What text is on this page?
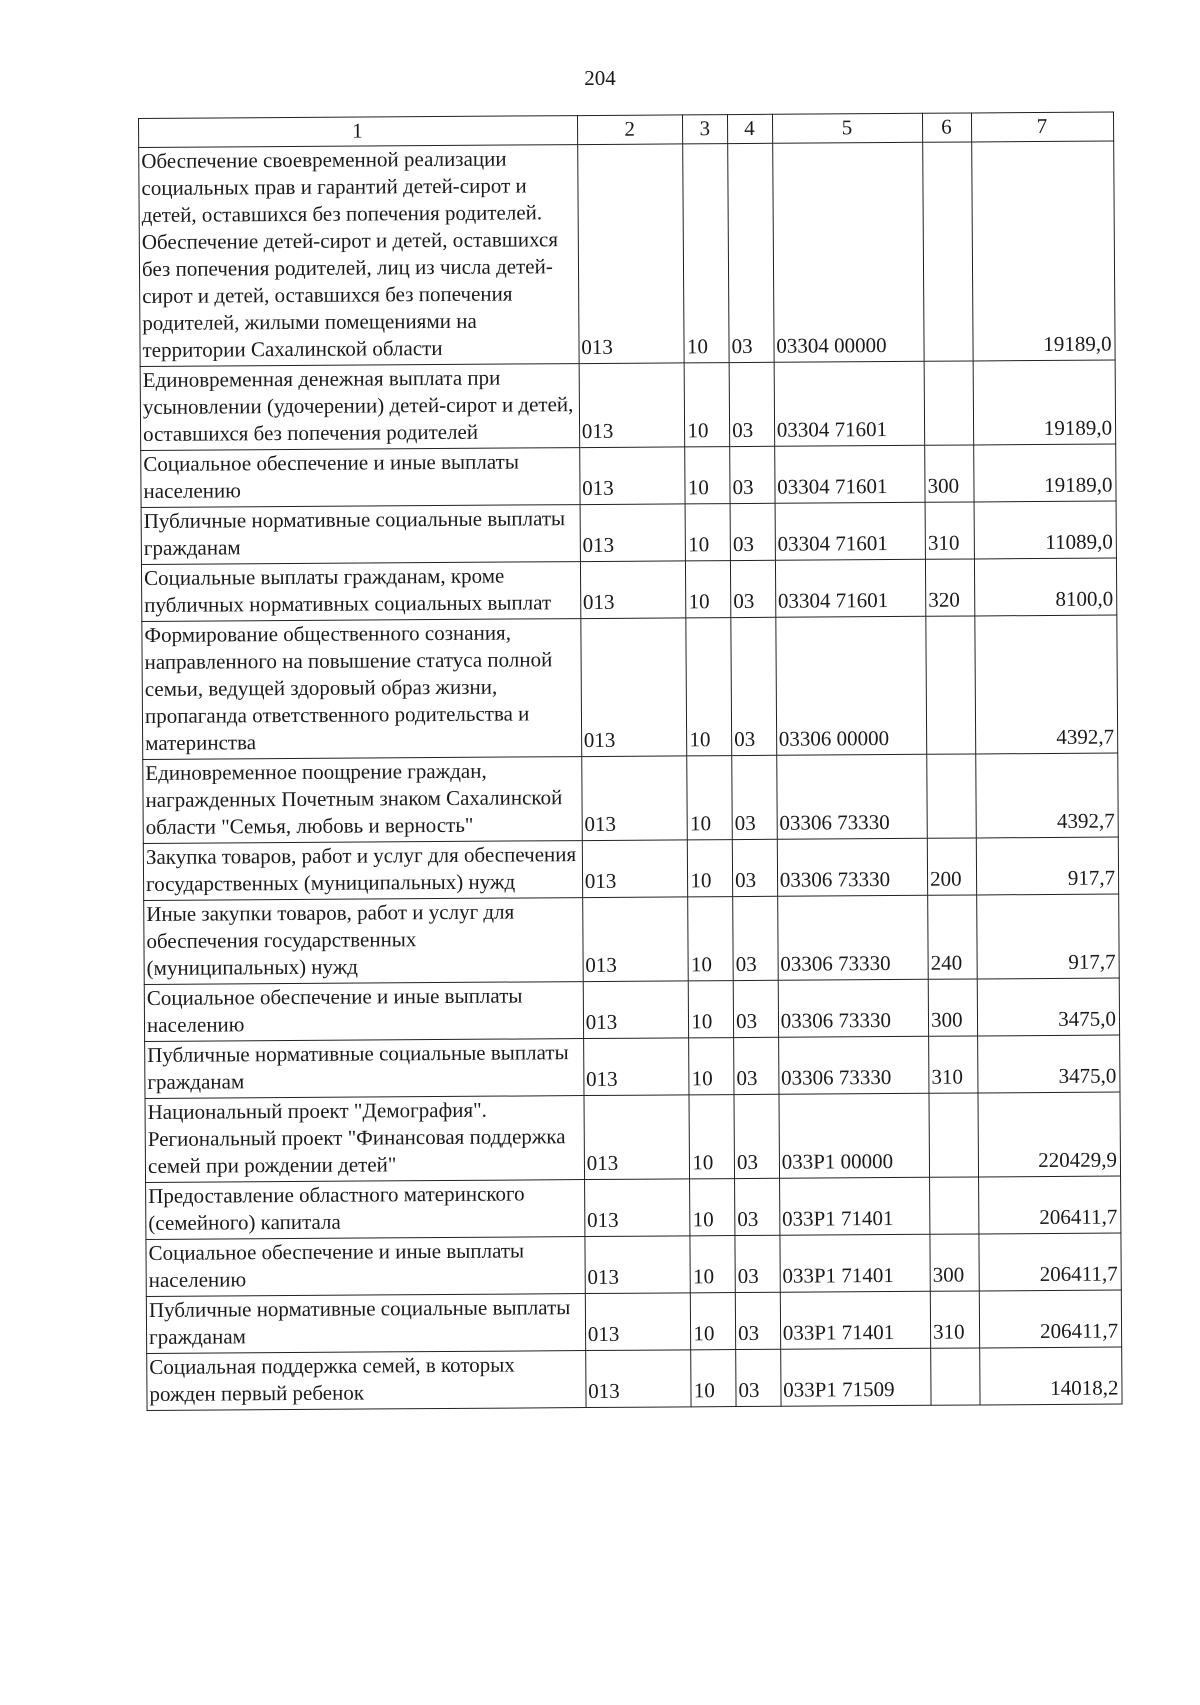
204
1	2	3	4	5	6	7
Обеспечение своевременной реализации социальных прав и гарантий детей-сирот и детей, оставшихся без попечения родителей. Обеспечение детей-сирот и детей, оставшихся без попечения родителей, лиц из числа детей-сирот и детей, оставшихся без попечения родителей, жилыми помещениями на территории Сахалинской области	013	10	03	03304 00000		19189,0
Единовременная денежная выплата при усыновлении (удочерении) детей-сирот и детей, оставшихся без попечения родителей	013	10	03	03304 71601		19189,0
Социальное обеспечение и иные выплаты населению	013	10	03	03304 71601	300	19189,0
Публичные нормативные социальные выплаты гражданам	013	10	03	03304 71601	310	11089,0
Социальные выплаты гражданам, кроме публичных нормативных социальных выплат	013	10	03	03304 71601	320	8100,0
Формирование общественного сознания, направленного на повышение статуса полной семьи, ведущей здоровый образ жизни, пропаганда ответственного родительства и материнства	013	10	03	03306 00000		4392,7
Единовременное поощрение граждан, награжденных Почетным знаком Сахалинской области "Семья, любовь и верность"	013	10	03	03306 73330		4392,7
Закупка товаров, работ и услуг для обеспечения государственных (муниципальных) нужд	013	10	03	03306 73330	200	917,7
Иные закупки товаров, работ и услуг для обеспечения государственных (муниципальных) нужд	013	10	03	03306 73330	240	917,7
Социальное обеспечение и иные выплаты населению	013	10	03	03306 73330	300	3475,0
Публичные нормативные социальные выплаты гражданам	013	10	03	03306 73330	310	3475,0
Национальный проект "Демография". Региональный проект "Финансовая поддержка семей при рождении детей"	013	10	03	033P1 00000		220429,9
Предоставление областного материнского (семейного) капитала	013	10	03	033P1 71401		206411,7
Социальное обеспечение и иные выплаты населению	013	10	03	033P1 71401	300	206411,7
Публичные нормативные социальные выплаты гражданам	013	10	03	033P1 71401	310	206411,7
Социальная поддержка семей, в которых рожден первый ребенок	013	10	03	033P1 71509		14018,2
